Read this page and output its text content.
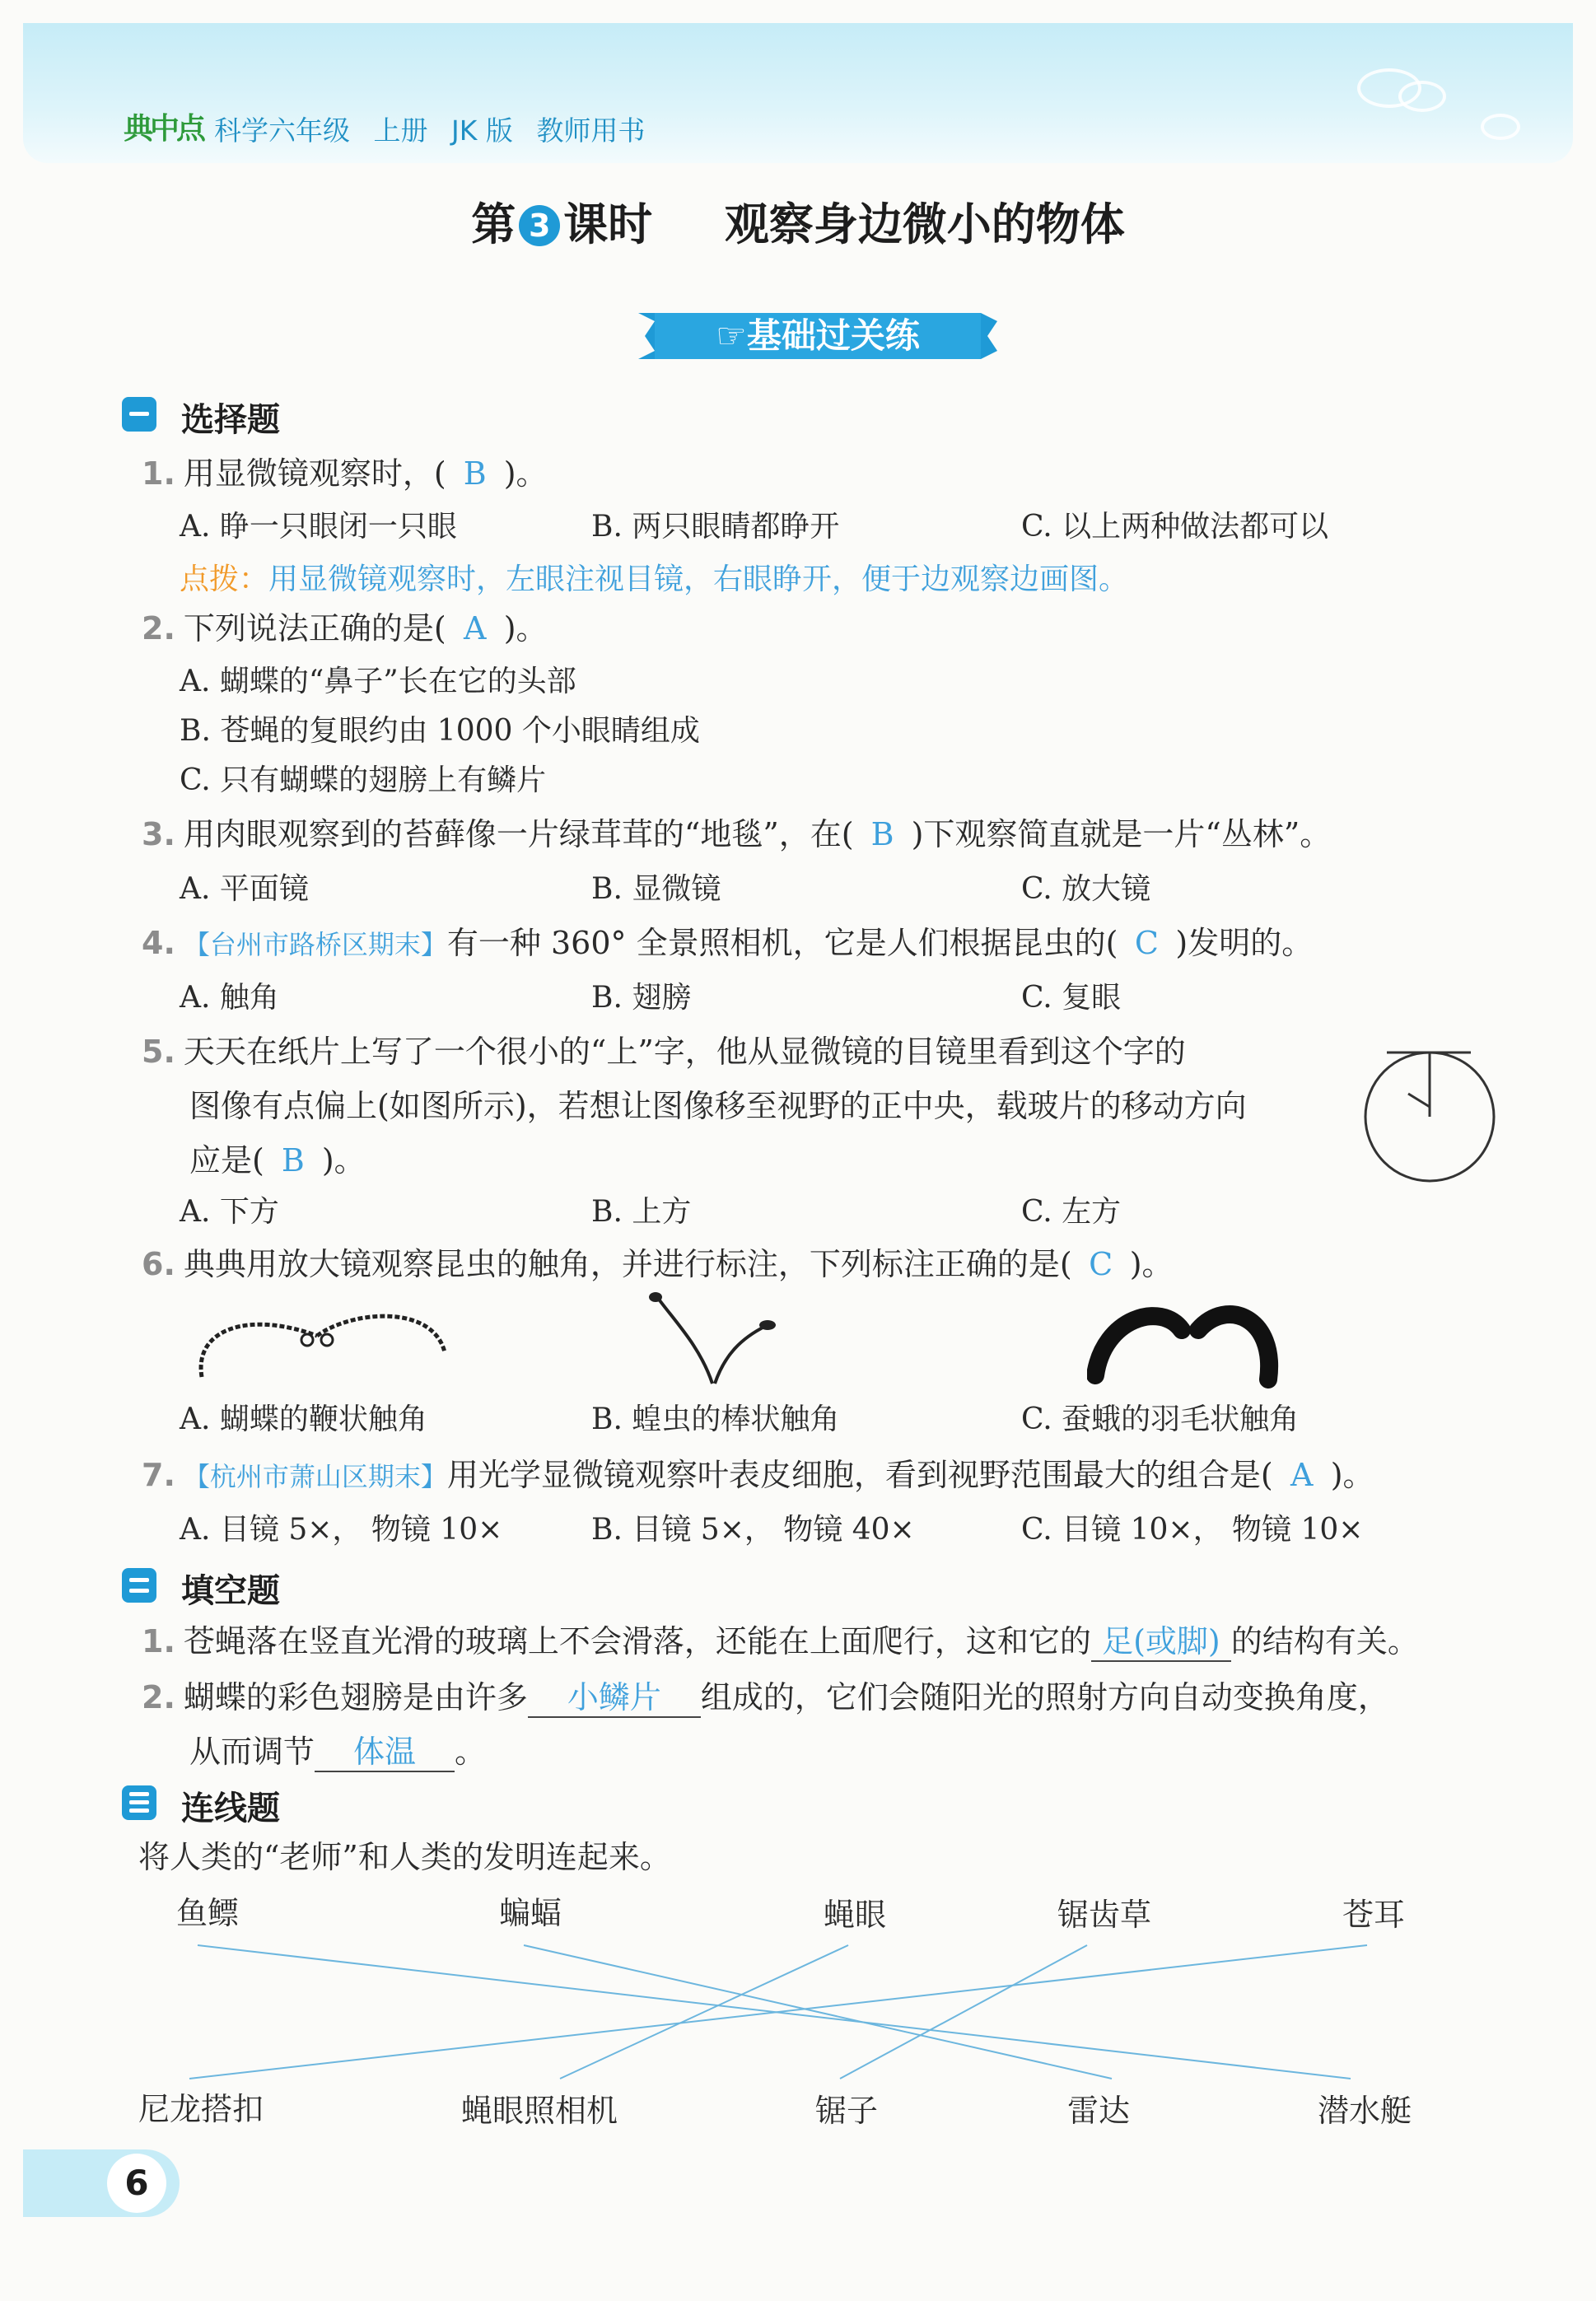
典中点 科学六年级 上册 JK 版 教师用书
第 3 课时 观察身边微小的物体
☞基础过关练
选择题
1. 用显微镜观察时，( B )。
A. 睁一只眼闭一只眼	B. 两只眼睛都睁开	C. 以上两种做法都可以
点拨：用显微镜观察时，左眼注视目镜，右眼睁开，便于边观察边画图。
2. 下列说法正确的是( A )。
A. 蝴蝶的“鼻子”长在它的头部
B. 苍蝇的复眼约由 1000 个小眼睛组成
C. 只有蝴蝶的翅膀上有鳞片
3. 用肉眼观察到的苔藓像一片绿茸茸的“地毯”，在( B )下观察简直就是一片“丛林”。
A. 平面镜	B. 显微镜	C. 放大镜
4. 【台州市路桥区期末】有一种 360° 全景照相机，它是人们根据昆虫的( C )发明的。
A. 触角	B. 翅膀	C. 复眼
5. 天天在纸片上写了一个很小的“上”字，他从显微镜的目镜里看到这个字的
图像有点偏上(如图所示)，若想让图像移至视野的正中央，载玻片的移动方向
应是( B )。
A. 下方	B. 上方	C. 左方
6. 典典用放大镜观察昆虫的触角，并进行标注，下列标注正确的是( C )。
A. 蝴蝶的鞭状触角	B. 蝗虫的棒状触角	C. 蚕蛾的羽毛状触角
7. 【杭州市萧山区期末】用光学显微镜观察叶表皮细胞，看到视野范围最大的组合是( A )。
A. 目镜 5×， 物镜 10×	B. 目镜 5×， 物镜 40×	C. 目镜 10×， 物镜 10×
填空题
1. 苍蝇落在竖直光滑的玻璃上不会滑落，还能在上面爬行，这和它的 足(或脚) 的结构有关。
2. 蝴蝶的彩色翅膀是由许多 小鳞片 组成的，它们会随阳光的照射方向自动变换角度，
从而调节 体温 。
连线题
将人类的“老师”和人类的发明连起来。
鱼鳔	蝙蝠	蝇眼	锯齿草	苍耳
尼龙搭扣	蝇眼照相机	锯子	雷达	潜水艇
6
